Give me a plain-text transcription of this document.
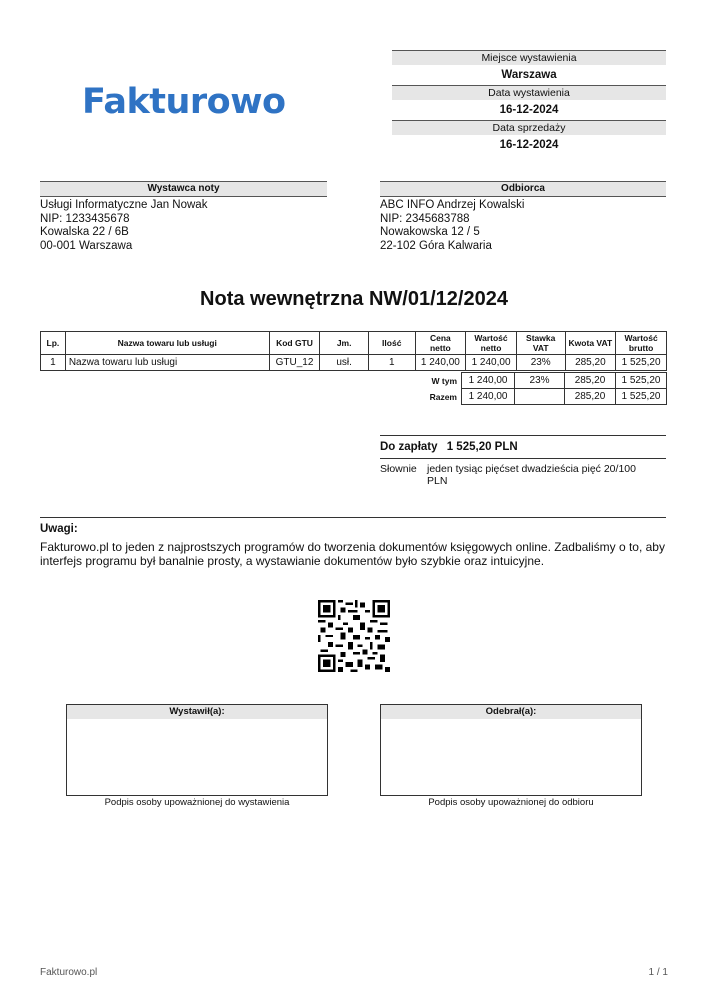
Fakturowo
Miejsce wystawienia
Warszawa
Data wystawienia
16-12-2024
Data sprzedaży
16-12-2024
Wystawca noty
Usługi Informatyczne Jan Nowak
NIP: 1233435678
Kowalska 22 / 6B
00-001 Warszawa
Odbiorca
ABC INFO Andrzej Kowalski
NIP: 2345683788
Nowakowska 12 / 5
22-102 Góra Kalwaria
Nota wewnętrzna NW/01/12/2024
Lp.	Nazwa towaru lub usługi	Kod GTU	Jm.	Ilość	Cena netto	Wartość netto	Stawka VAT	Kwota VAT	Wartość brutto
1	Nazwa towaru lub usługi	GTU_12	usł.	1	1 240,00	1 240,00	23%	285,20	1 525,20
W tym	1 240,00	23%	285,20	1 525,20
Razem	1 240,00		285,20	1 525,20
Do zapłaty 1 525,20 PLN
Słownie jeden tysiąc pięćset dwadzieścia pięć 20/100 PLN
Uwagi:
Fakturowo.pl to jeden z najprostszych programów do tworzenia dokumentów księgowych online. Zadbaliśmy o to, aby interfejs programu był banalnie prosty, a wystawianie dokumentów było szybkie oraz intuicyjne.
Wystawił(a):
Podpis osoby upoważnionej do wystawienia
Odebrał(a):
Podpis osoby upoważnionej do odbioru
Fakturowo.pl	1 / 1
